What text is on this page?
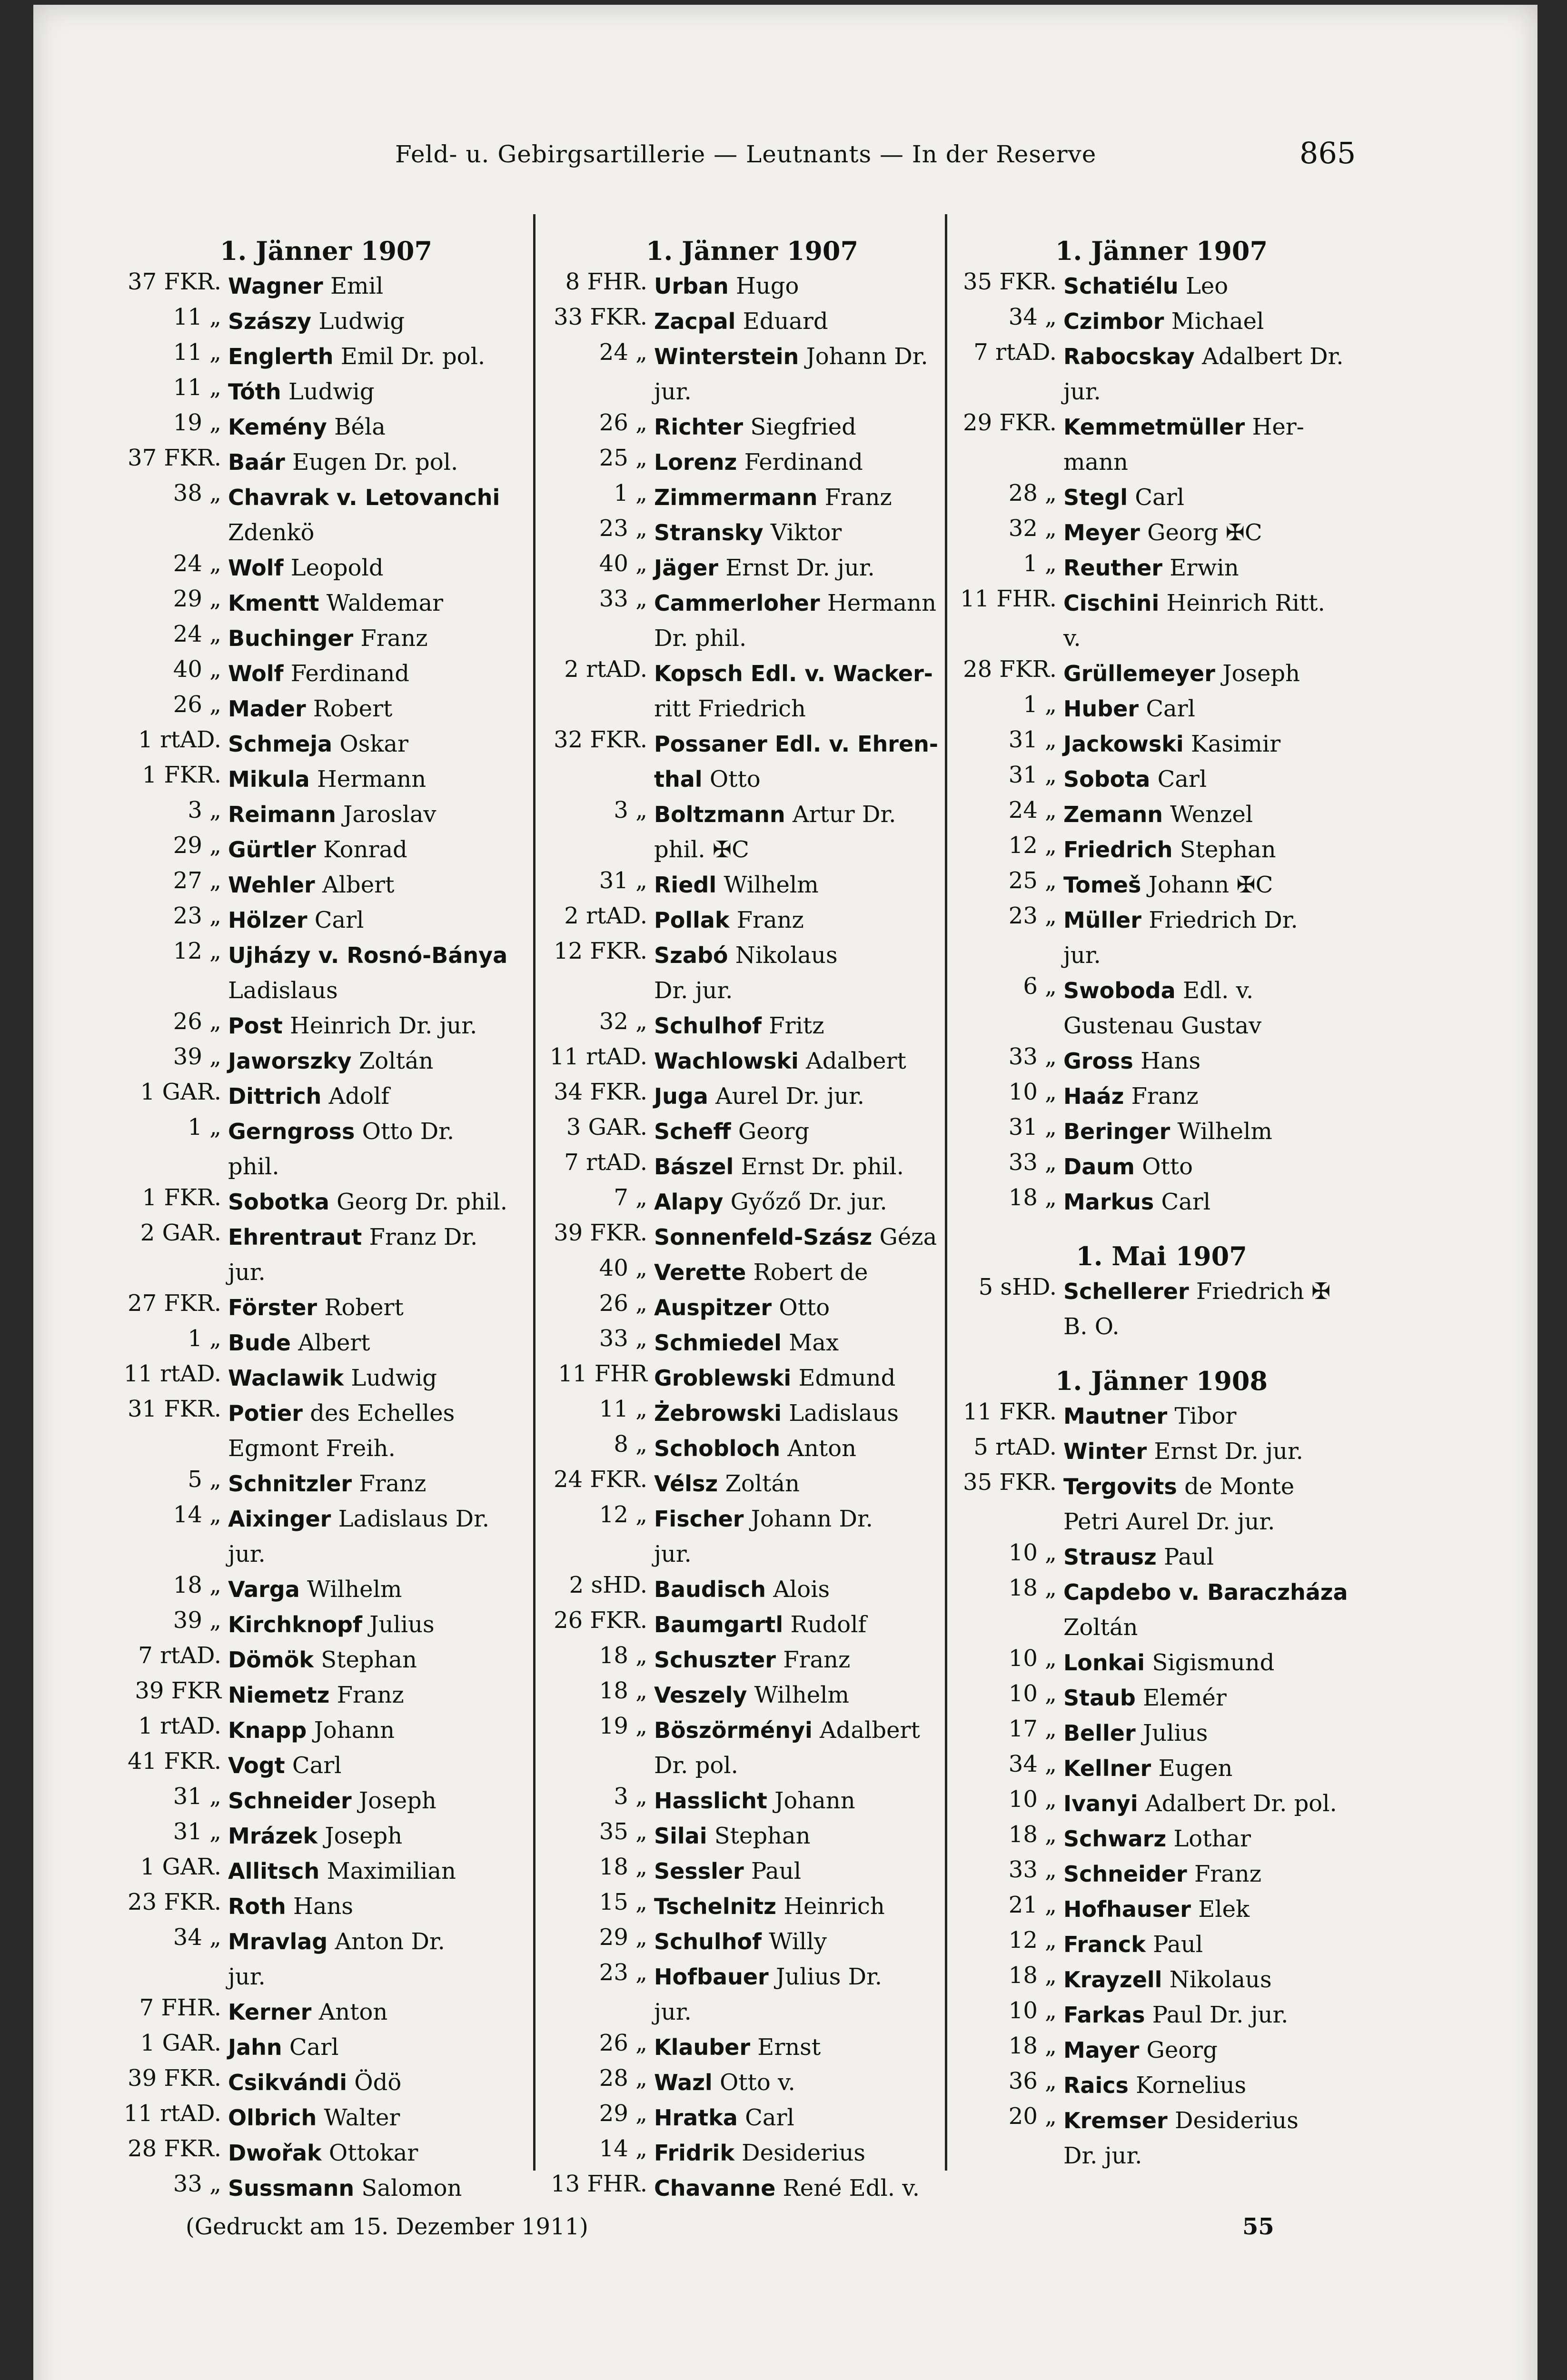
Feld- u. Gebirgsartillerie — Leutnants — In der Reserve	865
1. Jänner 1907
37 FKR. Wagner Emil
11 „ Szászy Ludwig
11 „ Englerth Emil Dr. pol.
11 „ Tóth Ludwig
19 „ Kemény Béla
37 FKR. Baár Eugen Dr. pol.
38 „ Chavrak v. Letovanchi
Zdenkö
24 „ Wolf Leopold
29 „ Kmentt Waldemar
24 „ Buchinger Franz
40 „ Wolf Ferdinand
26 „ Mader Robert
1 rtAD. Schmeja Oskar
1 FKR. Mikula Hermann
3 „ Reimann Jaroslav
29 „ Gürtler Konrad
27 „ Wehler Albert
23 „ Hölzer Carl
12 „ Ujházy v. Rosnó-Bánya
Ladislaus
26 „ Post Heinrich Dr. jur.
39 „ Jaworszky Zoltán
1 GAR. Dittrich Adolf
1 „ Gerngross Otto Dr.
phil.
1 FKR. Sobotka Georg Dr. phil.
2 GAR. Ehrentraut Franz Dr.
jur.
27 FKR. Förster Robert
1 „ Bude Albert
11 rtAD. Waclawik Ludwig
31 FKR. Potier des Echelles
Egmont Freih.
5 „ Schnitzler Franz
14 „ Aixinger Ladislaus Dr.
jur.
18 „ Varga Wilhelm
39 „ Kirchknopf Julius
7 rtAD. Dömök Stephan
39 FKR Niemetz Franz
1 rtAD. Knapp Johann
41 FKR. Vogt Carl
31 „ Schneider Joseph
31 „ Mrázek Joseph
1 GAR. Allitsch Maximilian
23 FKR. Roth Hans
34 „ Mravlag Anton Dr.
jur.
7 FHR. Kerner Anton
1 GAR. Jahn Carl
39 FKR. Csikvándi Ödö
11 rtAD. Olbrich Walter
28 FKR. Dwořak Ottokar
33 „ Sussmann Salomon
1. Jänner 1907
8 FHR. Urban Hugo
33 FKR. Zacpal Eduard
24 „ Winterstein Johann Dr.
jur.
26 „ Richter Siegfried
25 „ Lorenz Ferdinand
1 „ Zimmermann Franz
23 „ Stransky Viktor
40 „ Jäger Ernst Dr. jur.
33 „ Cammerloher Hermann
Dr. phil.
2 rtAD. Kopsch Edl. v. Wacker-
ritt Friedrich
32 FKR. Possaner Edl. v. Ehren-
thal Otto
3 „ Boltzmann Artur Dr.
phil. ✠C
31 „ Riedl Wilhelm
2 rtAD. Pollak Franz
12 FKR. Szabó Nikolaus
Dr. jur.
32 „ Schulhof Fritz
11 rtAD. Wachlowski Adalbert
34 FKR. Juga Aurel Dr. jur.
3 GAR. Scheff Georg
7 rtAD. Bászel Ernst Dr. phil.
7 „ Alapy Győző Dr. jur.
39 FKR. Sonnenfeld-Szász Géza
40 „ Verette Robert de
26 „ Auspitzer Otto
33 „ Schmiedel Max
11 FHR Groblewski Edmund
11 „ Żebrowski Ladislaus
8 „ Schobloch Anton
24 FKR. Vélsz Zoltán
12 „ Fischer Johann Dr.
jur.
2 sHD. Baudisch Alois
26 FKR. Baumgartl Rudolf
18 „ Schuszter Franz
18 „ Veszely Wilhelm
19 „ Böszörményi Adalbert
Dr. pol.
3 „ Hasslicht Johann
35 „ Silai Stephan
18 „ Sessler Paul
15 „ Tschelnitz Heinrich
29 „ Schulhof Willy
23 „ Hofbauer Julius Dr.
jur.
26 „ Klauber Ernst
28 „ Wazl Otto v.
29 „ Hratka Carl
14 „ Fridrik Desiderius
13 FHR. Chavanne René Edl. v.
1. Jänner 1907
35 FKR. Schatiélu Leo
34 „ Czimbor Michael
7 rtAD. Rabocskay Adalbert Dr.
jur.
29 FKR. Kemmetmüller Her-
mann
28 „ Stegl Carl
32 „ Meyer Georg ✠C
1 „ Reuther Erwin
11 FHR. Cischini Heinrich Ritt.
v.
28 FKR. Grüllemeyer Joseph
1 „ Huber Carl
31 „ Jackowski Kasimir
31 „ Sobota Carl
24 „ Zemann Wenzel
12 „ Friedrich Stephan
25 „ Tomeš Johann ✠C
23 „ Müller Friedrich Dr.
jur.
6 „ Swoboda Edl. v.
Gustenau Gustav
33 „ Gross Hans
10 „ Haáz Franz
31 „ Beringer Wilhelm
33 „ Daum Otto
18 „ Markus Carl
1. Mai 1907
5 sHD. Schellerer Friedrich ✠
B. O.
1. Jänner 1908
11 FKR. Mautner Tibor
5 rtAD. Winter Ernst Dr. jur.
35 FKR. Tergovits de Monte
Petri Aurel Dr. jur.
10 „ Strausz Paul
18 „ Capdebo v. Baraczháza
Zoltán
10 „ Lonkai Sigismund
10 „ Staub Elemér
17 „ Beller Julius
34 „ Kellner Eugen
10 „ Ivanyi Adalbert Dr. pol.
18 „ Schwarz Lothar
33 „ Schneider Franz
21 „ Hofhauser Elek
12 „ Franck Paul
18 „ Krayzell Nikolaus
10 „ Farkas Paul Dr. jur.
18 „ Mayer Georg
36 „ Raics Kornelius
20 „ Kremser Desiderius
Dr. jur.
(Gedruckt am 15. Dezember 1911)	55
